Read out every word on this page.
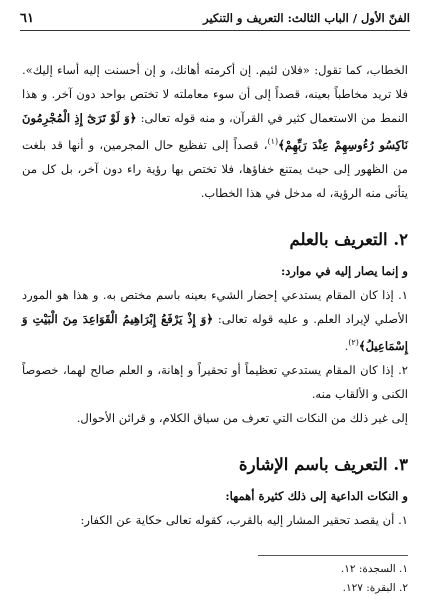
الفنّ الأول / الباب الثالث: التعريف و التنكير
٦١

الخطاب، كما تقول: «فلان لئيم. إن أكرمته أهانك، و إن أحسنت إليه أساء إليك». فلا تريد مخاطباً بعينه، قصداً إلى أن سوء معاملته لا تختص بواحد دون آخر. و هذا النمط من الاستعمال كثير في القرآن، و منه قوله تعالى: ﴿وَ لَوْ تَرَىٰٓ إِذِ الْمُجْرِمُونَ نَاكِسُو رُءُوسِهِمْ عِنْدَ رَبِّهِمْ﴾$^{(١)}$، قصداً إلى تفظيع حال المجرمين، و أنها قد بلغت من الظهور إلى حيث يمتنع خفاؤها، فلا تختص بها رؤية راء دون آخر، بل كل من يتأتى منه الرؤية، له مدخل في هذا الخطاب.

٢. التعريف بالعلم

و إنما يصار إليه في موارد:

١. إذا كان المقام يستدعي إحضار الشيء بعينه باسم مختص به. و هذا هو المورد الأصلي لإيراد العلم. و عليه قوله تعالى: ﴿وَ إِذْ يَرْفَعُ إِبْرَاهِيمُ الْقَوَاعِدَ مِنَ الْبَيْتِ وَ إِسْمَاعِيلُ﴾$^{(٢)}$.

٢. إذا كان المقام يستدعي تعظيماً أو تحقيراً و إهانة، و العلم صالح لهما، خصوصاً الكنى و الألقاب منه.

إلى غير ذلك من النكات التي تعرف من سياق الكلام، و قرائن الأحوال.

٣. التعريف باسم الإشارة

و النكات الداعية إلى ذلك كثيرة أهمها:

١. أن يقصد تحقير المشار إليه بالقرب، كقوله تعالى حكاية عن الكفار:

١. السجدة: ١٢.
٢. البقرة: ١٢٧.
